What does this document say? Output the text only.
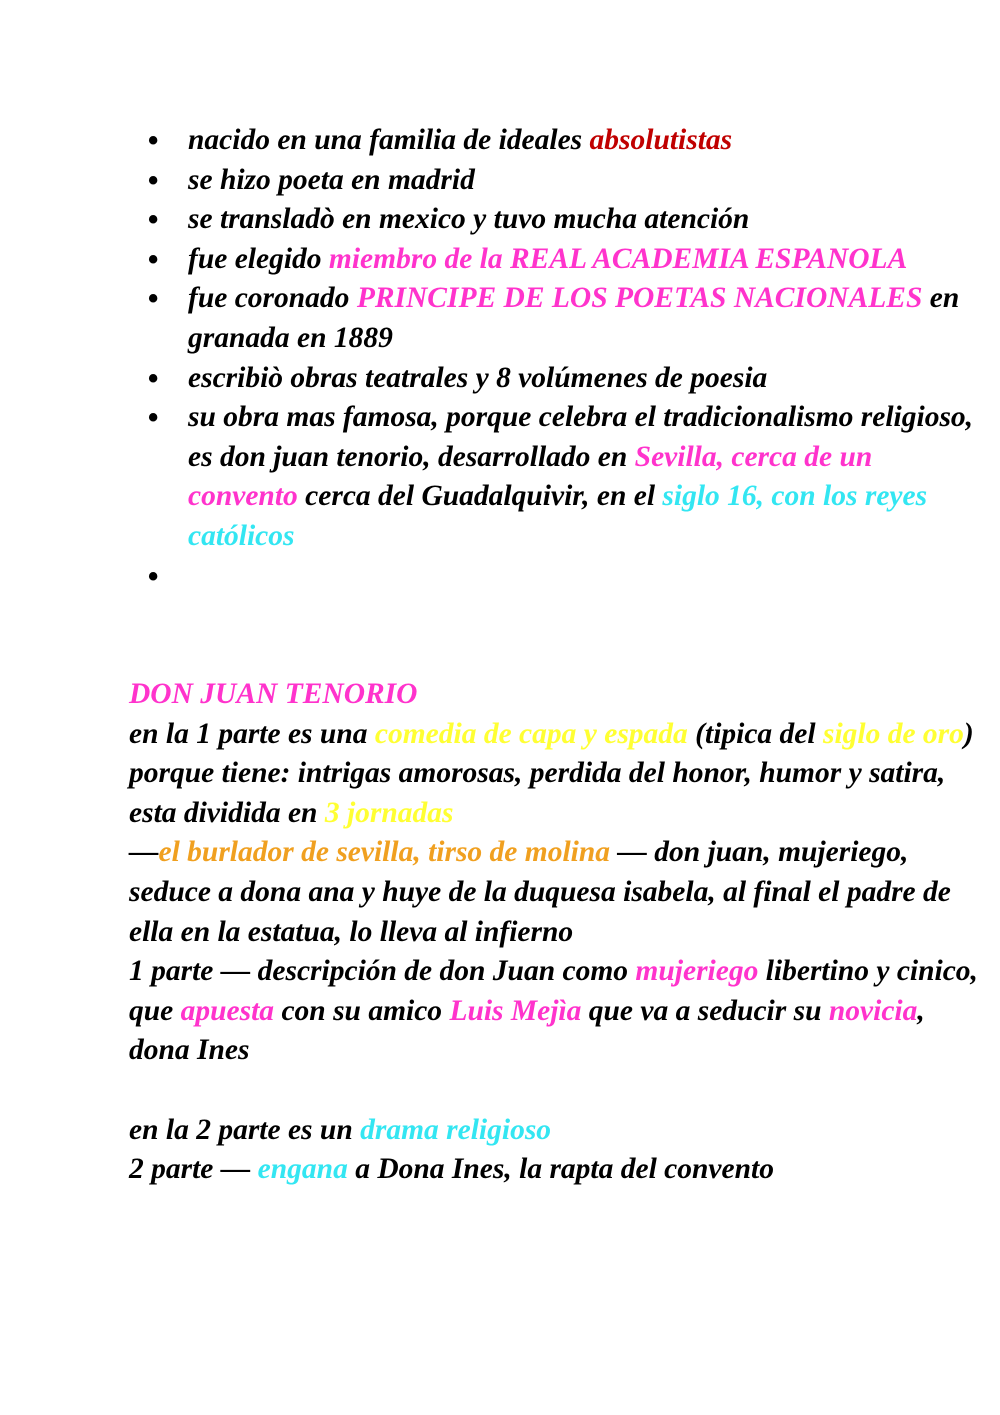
• nacido en una familia de ideales absolutistas
• se hizo poeta en madrid
• se transladò en mexico y tuvo mucha atención
• fue elegido miembro de la REAL ACADEMIA ESPANOLA
• fue coronado PRINCIPE DE LOS POETAS NACIONALES en granada en 1889
• escribiò obras teatrales y 8 volúmenes de poesia
• su obra mas famosa, porque celebra el tradicionalismo religioso, es don juan tenorio, desarrollado en Sevilla, cerca de un convento cerca del Guadalquivir, en el siglo 16, con los reyes católicos
•

DON JUAN TENORIO

en la 1 parte es una comedia de capa y espada (tipica del siglo de oro) porque tiene: intrigas amorosas, perdida del honor, humor y satira, esta dividida en 3 jornadas

—el burlador de sevilla, tirso de molina — don juan, mujeriego, seduce a dona ana y huye de la duquesa isabela, al final el padre de ella en la estatua, lo lleva al infierno

1 parte — descripción de don Juan como mujeriego libertino y cinico, que apuesta con su amico Luis Mejìa que va a seducir su novicia, dona Ines

en la 2 parte es un drama religioso

2 parte — engana a Dona Ines, la rapta del convento
